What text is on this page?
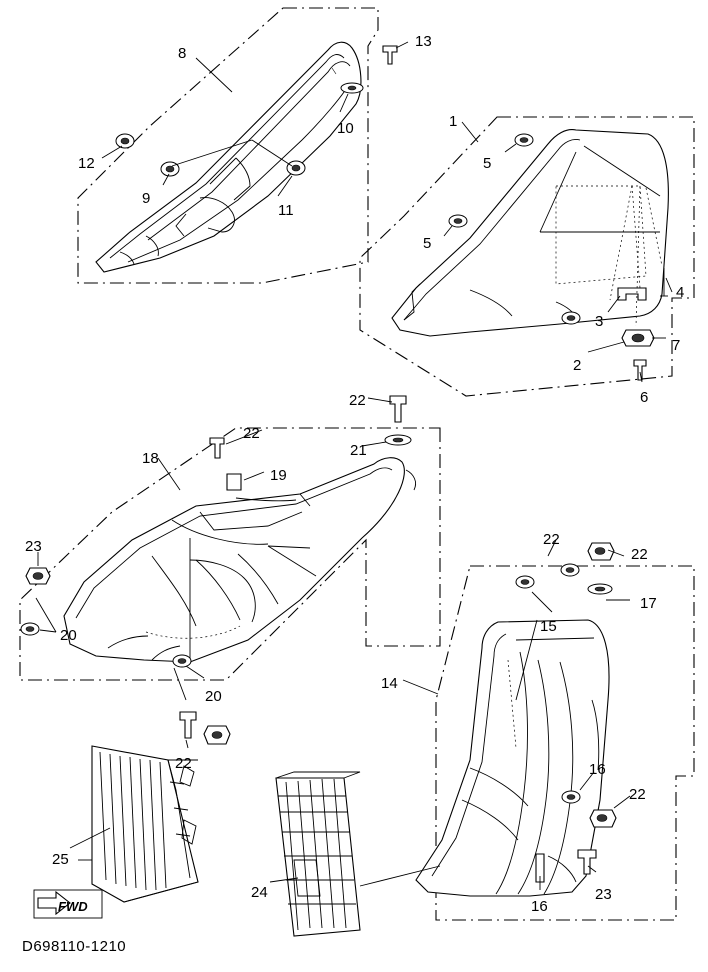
8
13
12
10
9
11
1
5
5
4
3
7
2
6
22
22
21
18
19
23	22
22
17
15
20
20
14
22	16
22
25
24
16
23
FWD
D698110-1210
